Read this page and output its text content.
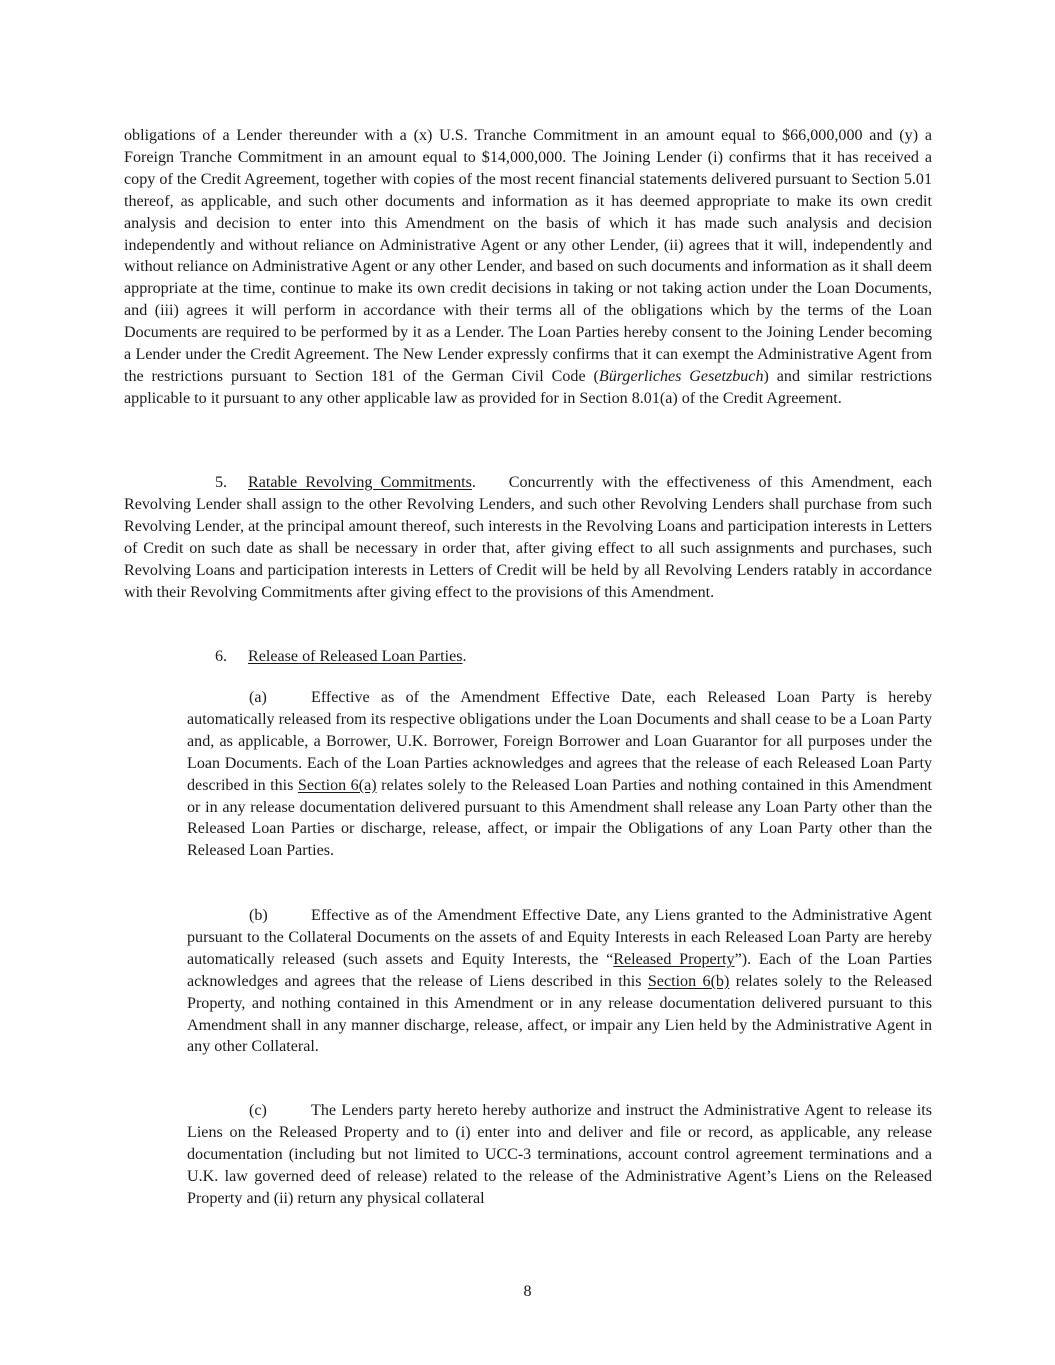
obligations of a Lender thereunder with a (x) U.S. Tranche Commitment in an amount equal to $66,000,000 and (y) a Foreign Tranche Commitment in an amount equal to $14,000,000. The Joining Lender (i) confirms that it has received a copy of the Credit Agreement, together with copies of the most recent financial statements delivered pursuant to Section 5.01 thereof, as applicable, and such other documents and information as it has deemed appropriate to make its own credit analysis and decision to enter into this Amendment on the basis of which it has made such analysis and decision independently and without reliance on Administrative Agent or any other Lender, (ii) agrees that it will, independently and without reliance on Administrative Agent or any other Lender, and based on such documents and information as it shall deem appropriate at the time, continue to make its own credit decisions in taking or not taking action under the Loan Documents, and (iii) agrees it will perform in accordance with their terms all of the obligations which by the terms of the Loan Documents are required to be performed by it as a Lender. The Loan Parties hereby consent to the Joining Lender becoming a Lender under the Credit Agreement. The New Lender expressly confirms that it can exempt the Administrative Agent from the restrictions pursuant to Section 181 of the German Civil Code (Bürgerliches Gesetzbuch) and similar restrictions applicable to it pursuant to any other applicable law as provided for in Section 8.01(a) of the Credit Agreement.

5. Ratable Revolving Commitments. Concurrently with the effectiveness of this Amendment, each Revolving Lender shall assign to the other Revolving Lenders, and such other Revolving Lenders shall purchase from such Revolving Lender, at the principal amount thereof, such interests in the Revolving Loans and participation interests in Letters of Credit on such date as shall be necessary in order that, after giving effect to all such assignments and purchases, such Revolving Loans and participation interests in Letters of Credit will be held by all Revolving Lenders ratably in accordance with their Revolving Commitments after giving effect to the provisions of this Amendment.

6. Release of Released Loan Parties.

(a)	Effective as of the Amendment Effective Date, each Released Loan Party is hereby automatically released from its respective obligations under the Loan Documents and shall cease to be a Loan Party and, as applicable, a Borrower, U.K. Borrower, Foreign Borrower and Loan Guarantor for all purposes under the Loan Documents. Each of the Loan Parties acknowledges and agrees that the release of each Released Loan Party described in this Section 6(a) relates solely to the Released Loan Parties and nothing contained in this Amendment or in any release documentation delivered pursuant to this Amendment shall release any Loan Party other than the Released Loan Parties or discharge, release, affect, or impair the Obligations of any Loan Party other than the Released Loan Parties.

(b)	Effective as of the Amendment Effective Date, any Liens granted to the Administrative Agent pursuant to the Collateral Documents on the assets of and Equity Interests in each Released Loan Party are hereby automatically released (such assets and Equity Interests, the “Released Property”). Each of the Loan Parties acknowledges and agrees that the release of Liens described in this Section 6(b) relates solely to the Released Property, and nothing contained in this Amendment or in any release documentation delivered pursuant to this Amendment shall in any manner discharge, release, affect, or impair any Lien held by the Administrative Agent in any other Collateral.

(c)	The Lenders party hereto hereby authorize and instruct the Administrative Agent to release its Liens on the Released Property and to (i) enter into and deliver and file or record, as applicable, any release documentation (including but not limited to UCC-3 terminations, account control agreement terminations and a U.K. law governed deed of release) related to the release of the Administrative Agent’s Liens on the Released Property and (ii) return any physical collateral

8
